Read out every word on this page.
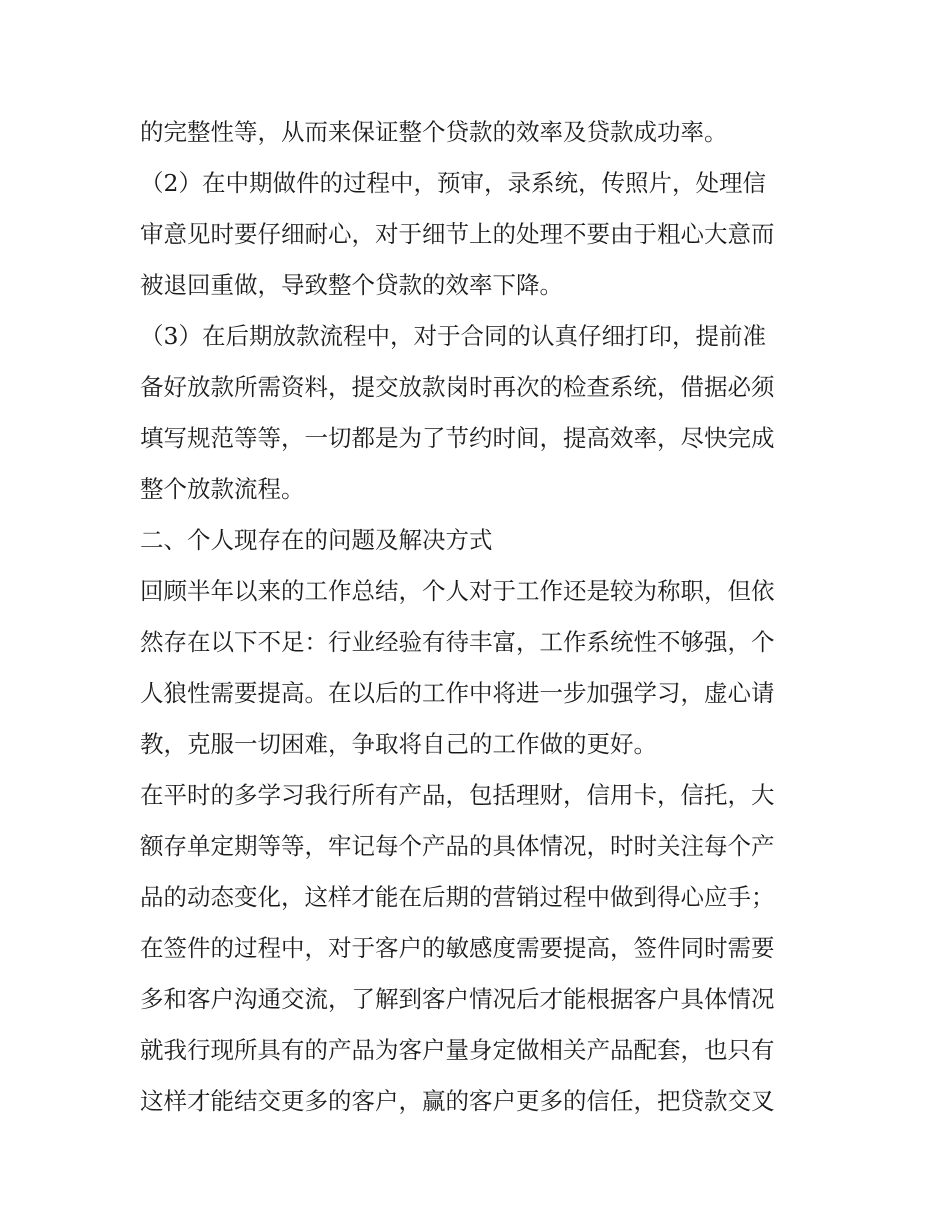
的完整性等，从而来保证整个贷款的效率及贷款成功率。
（2）在中期做件的过程中，预审，录系统，传照片，处理信
审意见时要仔细耐心，对于细节上的处理不要由于粗心大意而
被退回重做，导致整个贷款的效率下降。
（3）在后期放款流程中，对于合同的认真仔细打印，提前准
备好放款所需资料，提交放款岗时再次的检查系统，借据必须
填写规范等等，一切都是为了节约时间，提高效率，尽快完成
整个放款流程。
二、个人现存在的问题及解决方式
回顾半年以来的工作总结，个人对于工作还是较为称职，但依
然存在以下不足：行业经验有待丰富，工作系统性不够强，个
人狼性需要提高。在以后的工作中将进一步加强学习，虚心请
教，克服一切困难，争取将自己的工作做的更好。
在平时的多学习我行所有产品，包括理财，信用卡，信托，大
额存单定期等等，牢记每个产品的具体情况，时时关注每个产
品的动态变化，这样才能在后期的营销过程中做到得心应手；
在签件的过程中，对于客户的敏感度需要提高，签件同时需要
多和客户沟通交流，了解到客户情况后才能根据客户具体情况
就我行现所具有的产品为客户量身定做相关产品配套，也只有
这样才能结交更多的客户，赢的客户更多的信任，把贷款交叉
